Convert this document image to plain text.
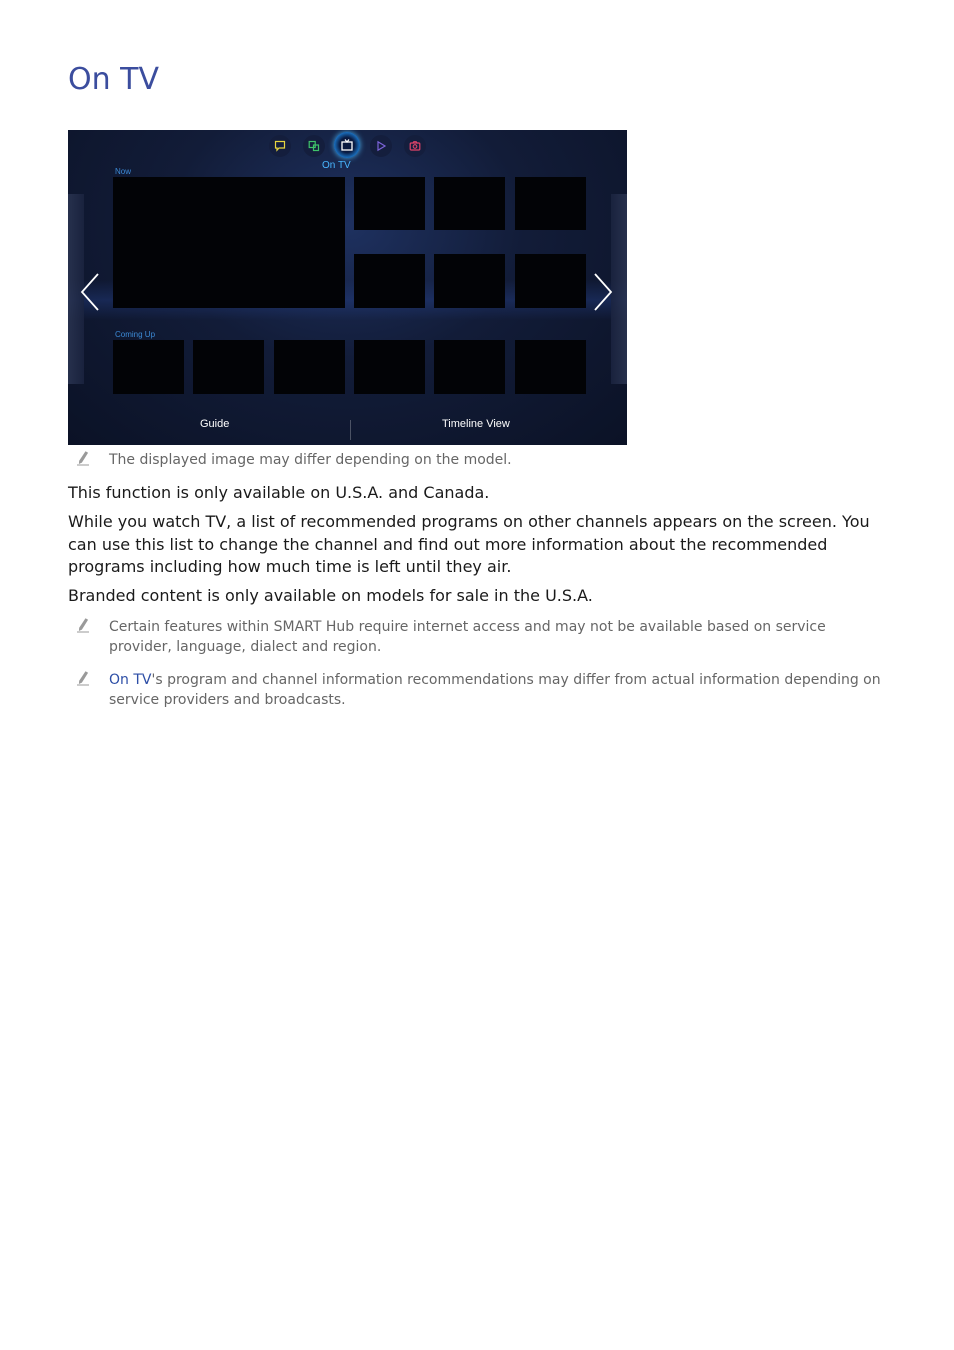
On TV
On TV
Now
Coming Up
Guide	Timeline View
The displayed image may differ depending on the model.

This function is only available on U.S.A. and Canada.

While you watch TV, a list of recommended programs on other channels appears on the screen. You can use this list to change the channel and find out more information about the recommended programs including how much time is left until they air.

Branded content is only available on models for sale in the U.S.A.

Certain features within SMART Hub require internet access and may not be available based on service provider, language, dialect and region.
On TV's program and channel information recommendations may differ from actual information depending on service providers and broadcasts.
